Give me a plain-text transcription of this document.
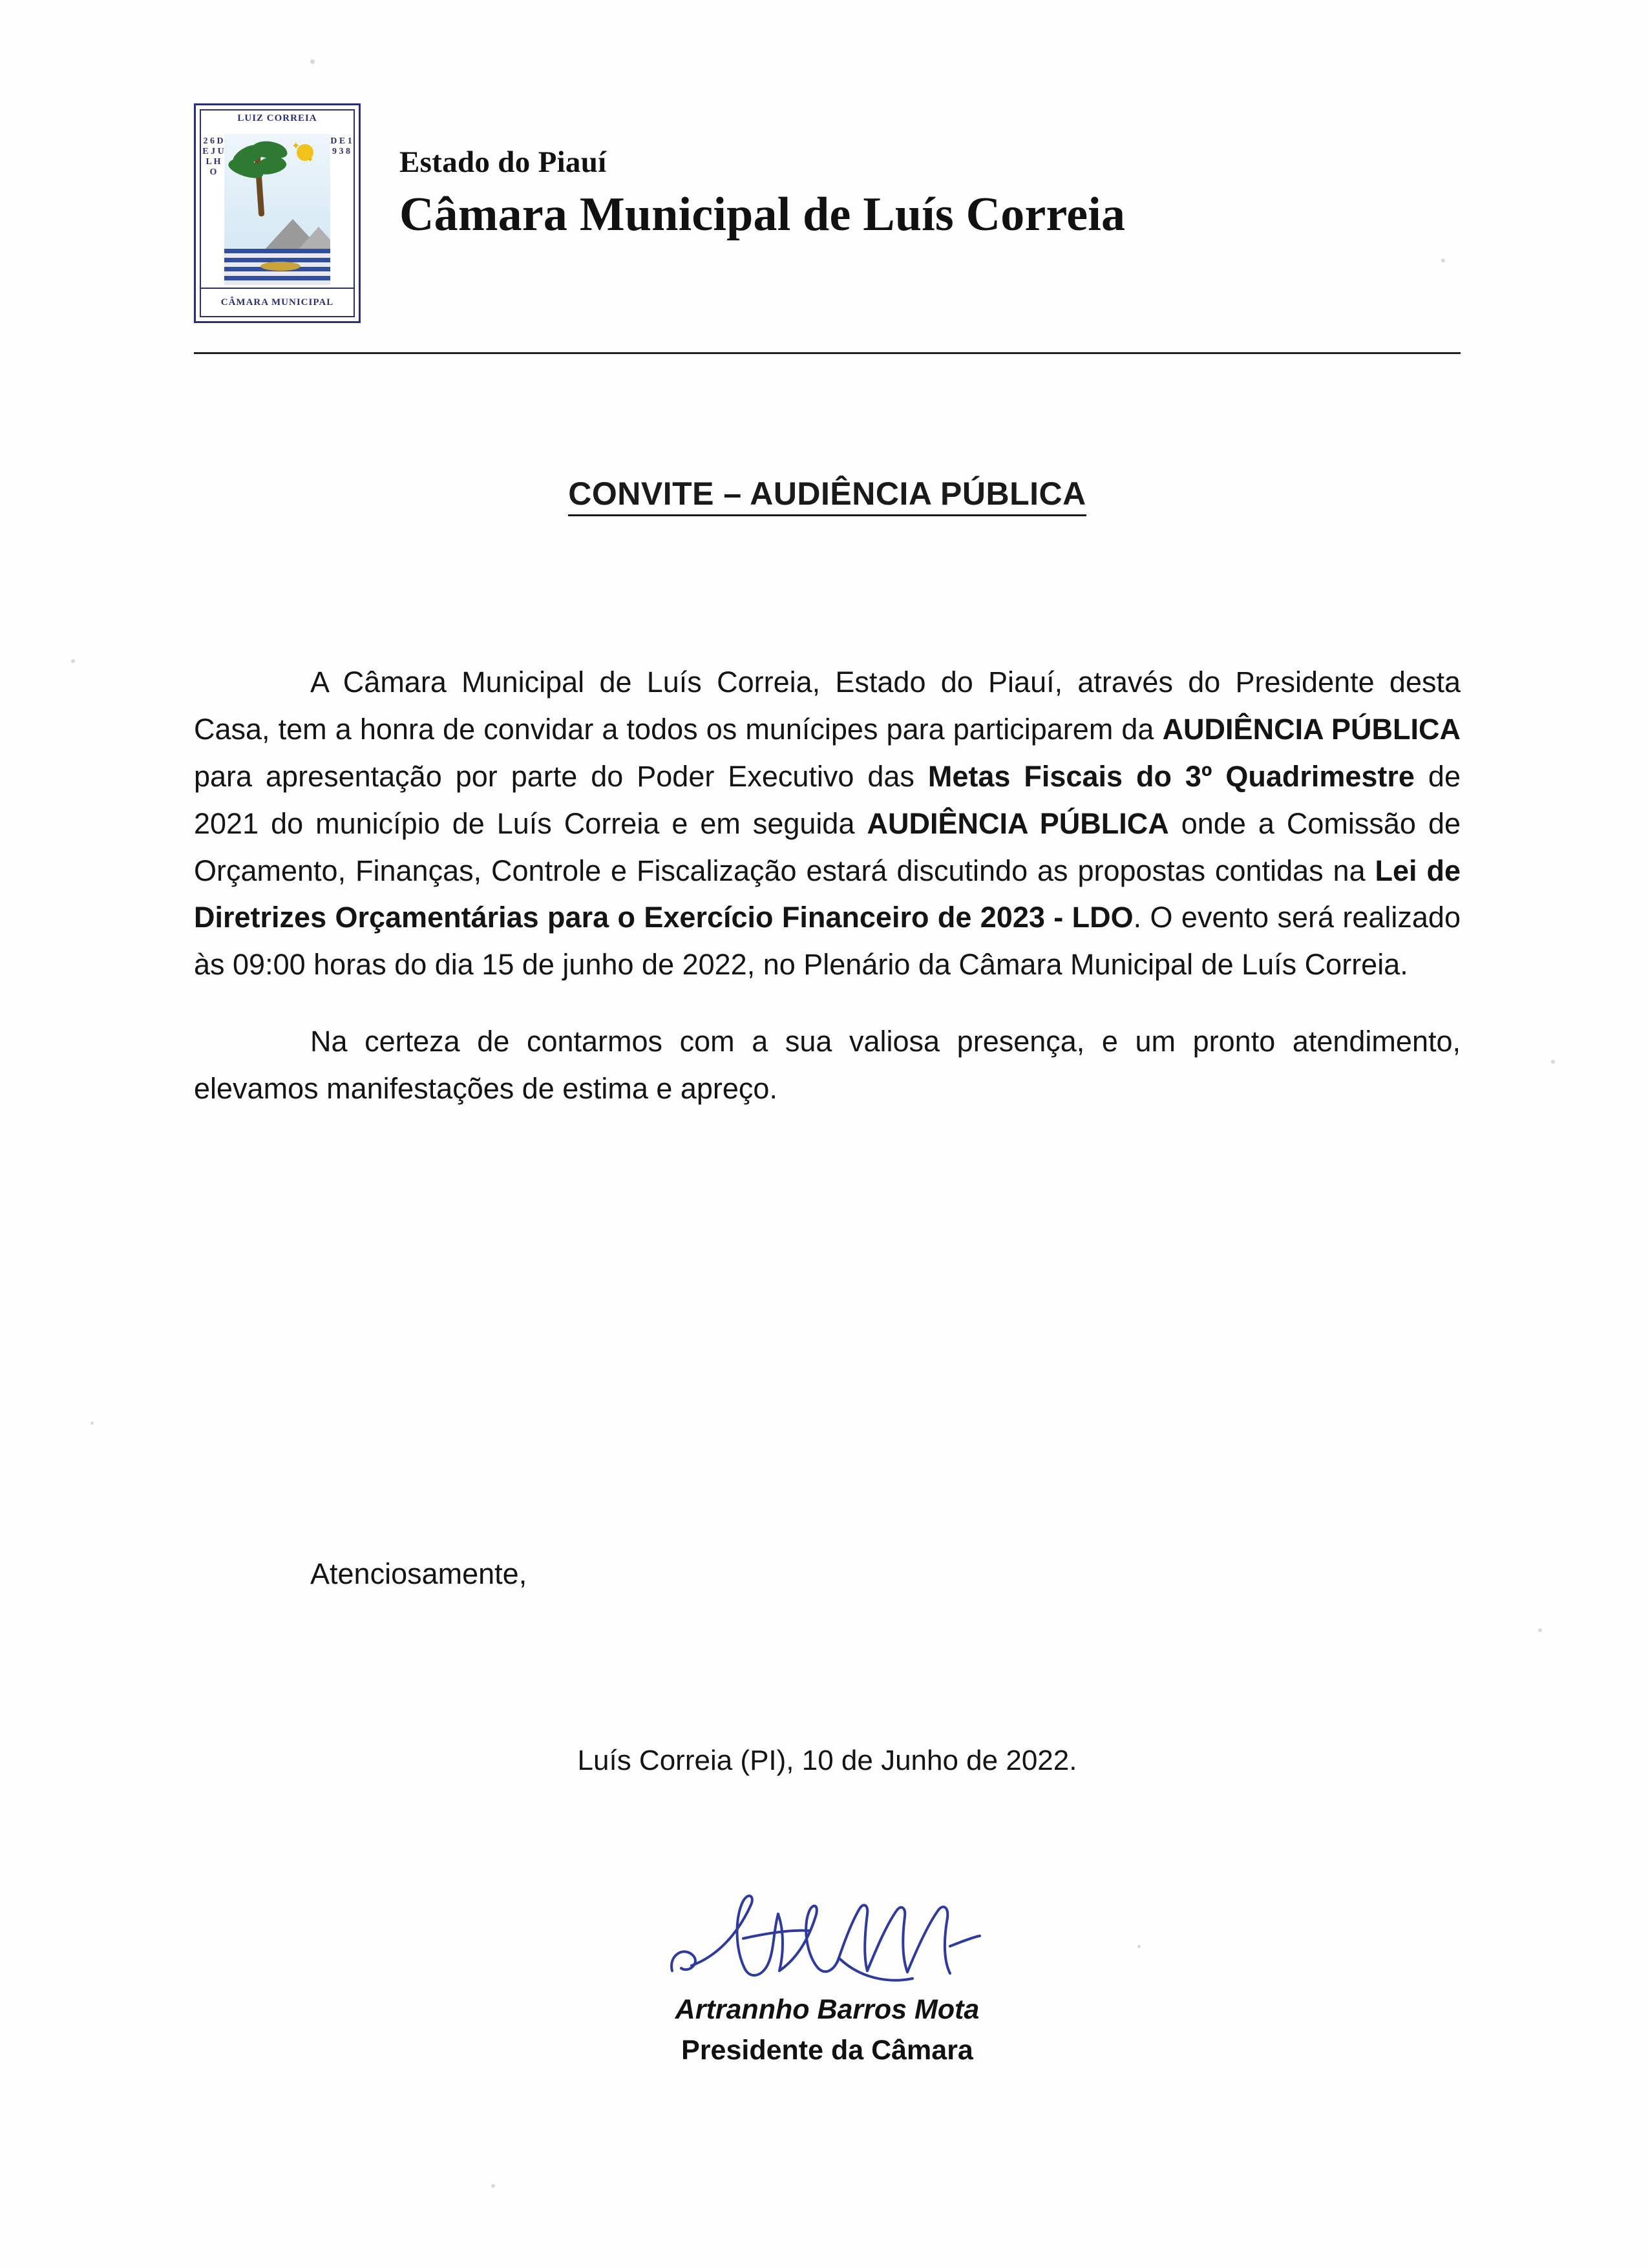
LUIZ CORREIA
2 6 D E J U L H O
D E 1 9 3 8
✦
✦
CÂMARA MUNICIPAL
Estado do Piauí
Câmara Municipal de Luís Correia
CONVITE – AUDIÊNCIA PÚBLICA

A Câmara Municipal de Luís Correia, Estado do Piauí, através do Presidente desta Casa, tem a honra de convidar a todos os munícipes para participarem da AUDIÊNCIA PÚBLICA para apresentação por parte do Poder Executivo das Metas Fiscais do 3º Quadrimestre de 2021 do município de Luís Correia e em seguida AUDIÊNCIA PÚBLICA onde a Comissão de Orçamento, Finanças, Controle e Fiscalização estará discutindo as propostas contidas na Lei de Diretrizes Orçamentárias para o Exercício Financeiro de 2023 - LDO. O evento será realizado às 09:00 horas do dia 15 de junho de 2022, no Plenário da Câmara Municipal de Luís Correia.

Na certeza de contarmos com a sua valiosa presença, e um pronto atendimento, elevamos manifestações de estima e apreço.

Atenciosamente,
Luís Correia (PI), 10 de Junho de 2022.
Artrannho Barros Mota
Presidente da Câmara
